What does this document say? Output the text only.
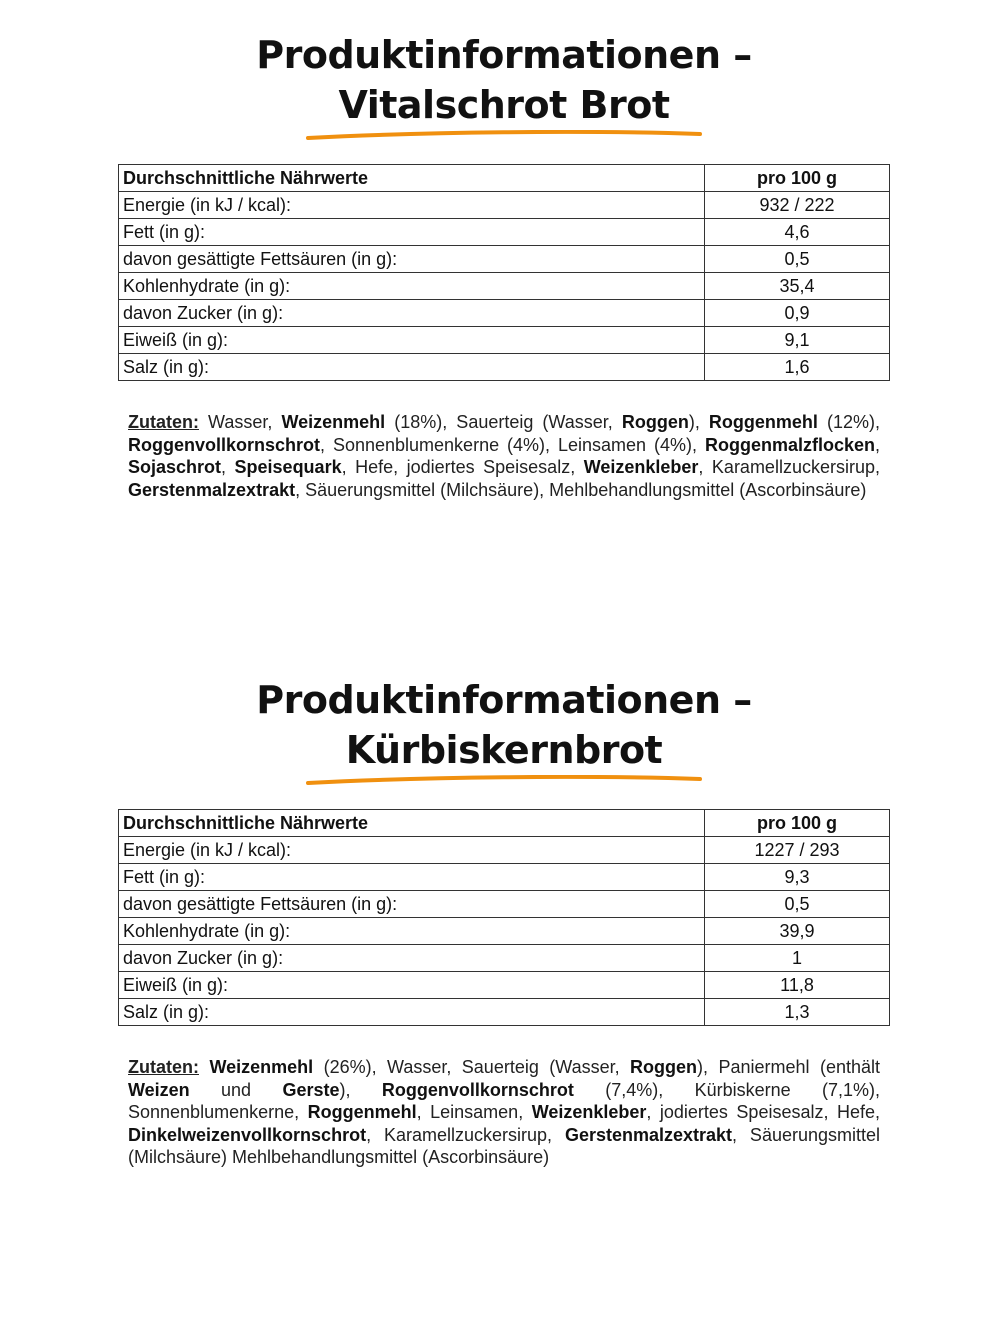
Produktinformationen –
Vitalschrot Brot
Durchschnittliche Nährwerte	pro 100 g
Energie (in kJ / kcal):	932 / 222
Fett (in g):	4,6
davon gesättigte Fettsäuren (in g):	0,5
Kohlenhydrate (in g):	35,4
davon Zucker (in g):	0,9
Eiweiß (in g):	9,1
Salz (in g):	1,6
Zutaten: Wasser, Weizenmehl (18%), Sauerteig (Wasser, Roggen), Roggenmehl (12%), Roggenvollkornschrot, Sonnenblumenkerne (4%), Leinsamen (4%), Roggenmalzflocken, Sojaschrot, Speisequark, Hefe, jodiertes Speisesalz, Weizenkleber, Karamellzuckersirup, Gerstenmalzextrakt, Säuerungsmittel (Milchsäure), Mehlbehandlungsmittel (Ascorbinsäure)
Produktinformationen –
Kürbiskernbrot
Durchschnittliche Nährwerte	pro 100 g
Energie (in kJ / kcal):	1227 / 293
Fett (in g):	9,3
davon gesättigte Fettsäuren (in g):	0,5
Kohlenhydrate (in g):	39,9
davon Zucker (in g):	1
Eiweiß (in g):	11,8
Salz (in g):	1,3
Zutaten: Weizenmehl (26%), Wasser, Sauerteig (Wasser, Roggen), Paniermehl (enthält Weizen und Gerste), Roggenvollkornschrot (7,4%), Kürbiskerne (7,1%), Sonnenblumenkerne, Roggenmehl, Leinsamen, Weizenkleber, jodiertes Speisesalz, Hefe, Dinkelweizenvollkornschrot, Karamellzuckersirup, Gerstenmalzextrakt, Säuerungsmittel (Milchsäure) Mehlbehandlungsmittel (Ascorbinsäure)
